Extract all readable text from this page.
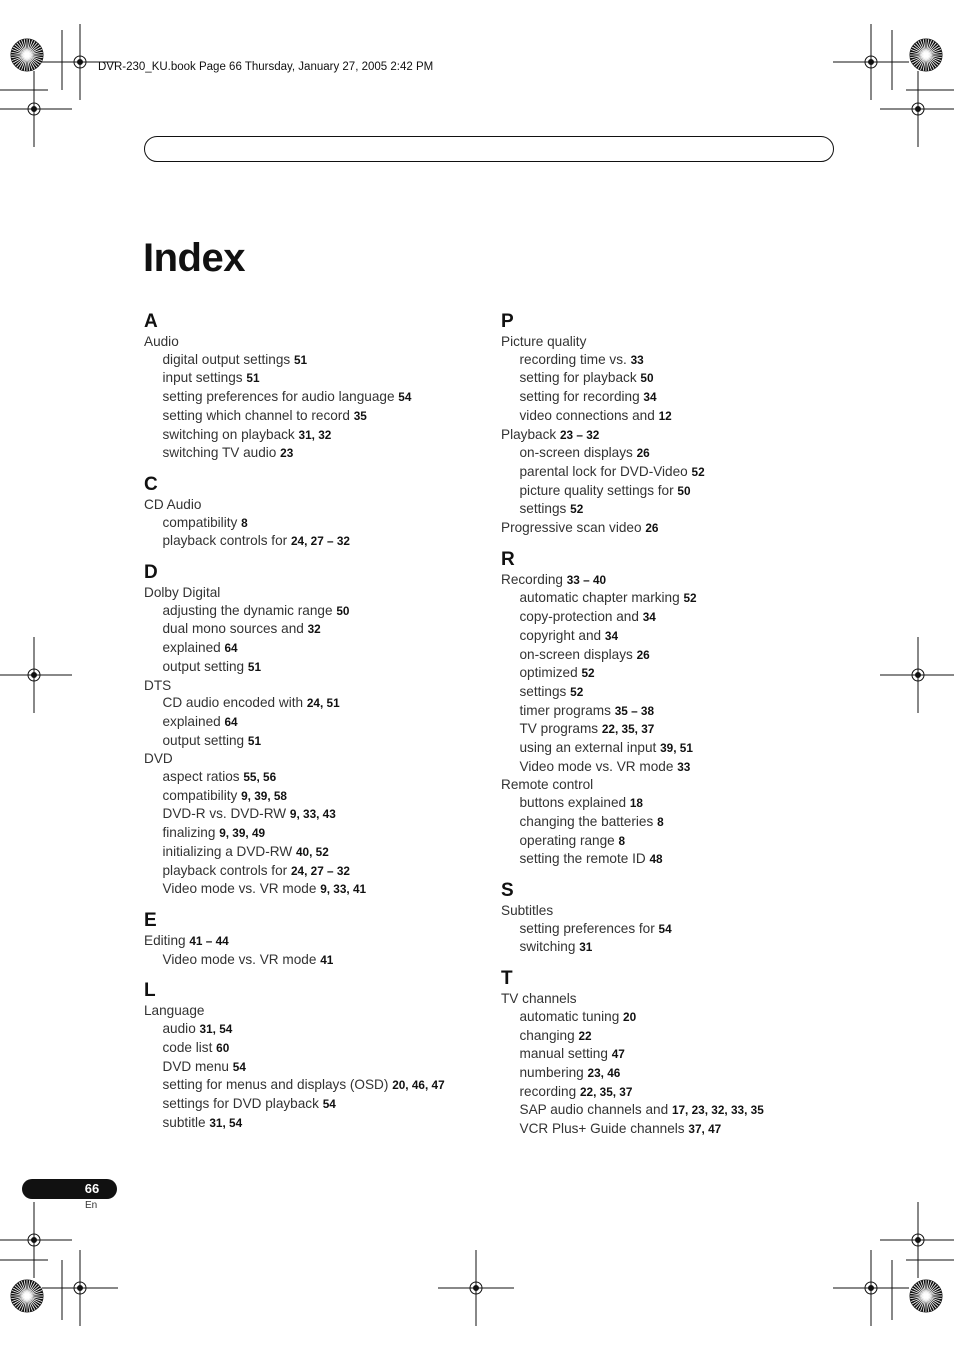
DVR-230_KU.book Page 66 Thursday, January 27, 2005 2:42 PM
Index
A
Audio
digital output settings 51
input settings 51
setting preferences for audio language 54
setting which channel to record 35
switching on playback 31, 32
switching TV audio 23
C
CD Audio
compatibility 8
playback controls for 24, 27 – 32
D
Dolby Digital
adjusting the dynamic range 50
dual mono sources and 32
explained 64
output setting 51
DTS
CD audio encoded with 24, 51
explained 64
output setting 51
DVD
aspect ratios 55, 56
compatibility 9, 39, 58
DVD-R vs. DVD-RW 9, 33, 43
finalizing 9, 39, 49
initializing a DVD-RW 40, 52
playback controls for 24, 27 – 32
Video mode vs. VR mode 9, 33, 41
E
Editing 41 – 44
Video mode vs. VR mode 41
L
Language
audio 31, 54
code list 60
DVD menu 54
setting for menus and displays (OSD) 20, 46, 47
settings for DVD playback 54
subtitle 31, 54
P
Picture quality
recording time vs. 33
setting for playback 50
setting for recording 34
video connections and 12
Playback 23 – 32
on-screen displays 26
parental lock for DVD-Video 52
picture quality settings for 50
settings 52
Progressive scan video 26
R
Recording 33 – 40
automatic chapter marking 52
copy-protection and 34
copyright and 34
on-screen displays 26
optimized 52
settings 52
timer programs 35 – 38
TV programs 22, 35, 37
using an external input 39, 51
Video mode vs. VR mode 33
Remote control
buttons explained 18
changing the batteries 8
operating range 8
setting the remote ID 48
S
Subtitles
setting preferences for 54
switching 31
T
TV channels
automatic tuning 20
changing 22
manual setting 47
numbering 23, 46
recording 22, 35, 37
SAP audio channels and 17, 23, 32, 33, 35
VCR Plus+ Guide channels 37, 47
66
En
